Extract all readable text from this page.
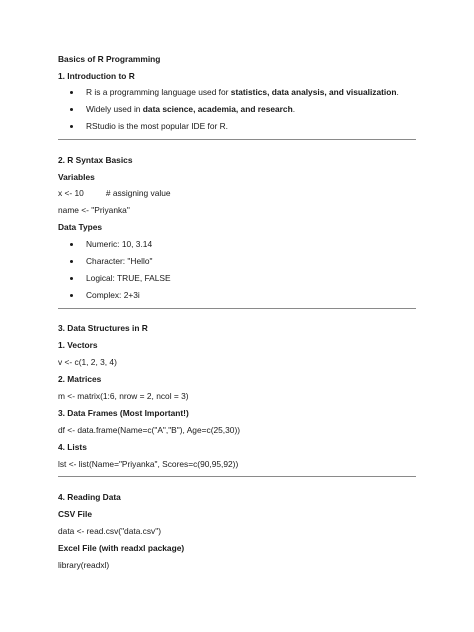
Basics of R Programming
1. Introduction to R
R is a programming language used for statistics, data analysis, and visualization.
Widely used in data science, academia, and research.
RStudio is the most popular IDE for R.
2. R Syntax Basics
Variables
x <- 10	# assigning value
name <- "Priyanka"
Data Types
Numeric: 10, 3.14
Character: "Hello"
Logical: TRUE, FALSE
Complex: 2+3i
3. Data Structures in R
1. Vectors
v <- c(1, 2, 3, 4)
2. Matrices
m <- matrix(1:6, nrow = 2, ncol = 3)
3. Data Frames (Most Important!)
df <- data.frame(Name=c("A","B"), Age=c(25,30))
4. Lists
lst <- list(Name="Priyanka", Scores=c(90,95,92))
4. Reading Data
CSV File
data <- read.csv("data.csv")
Excel File (with readxl package)
library(readxl)
